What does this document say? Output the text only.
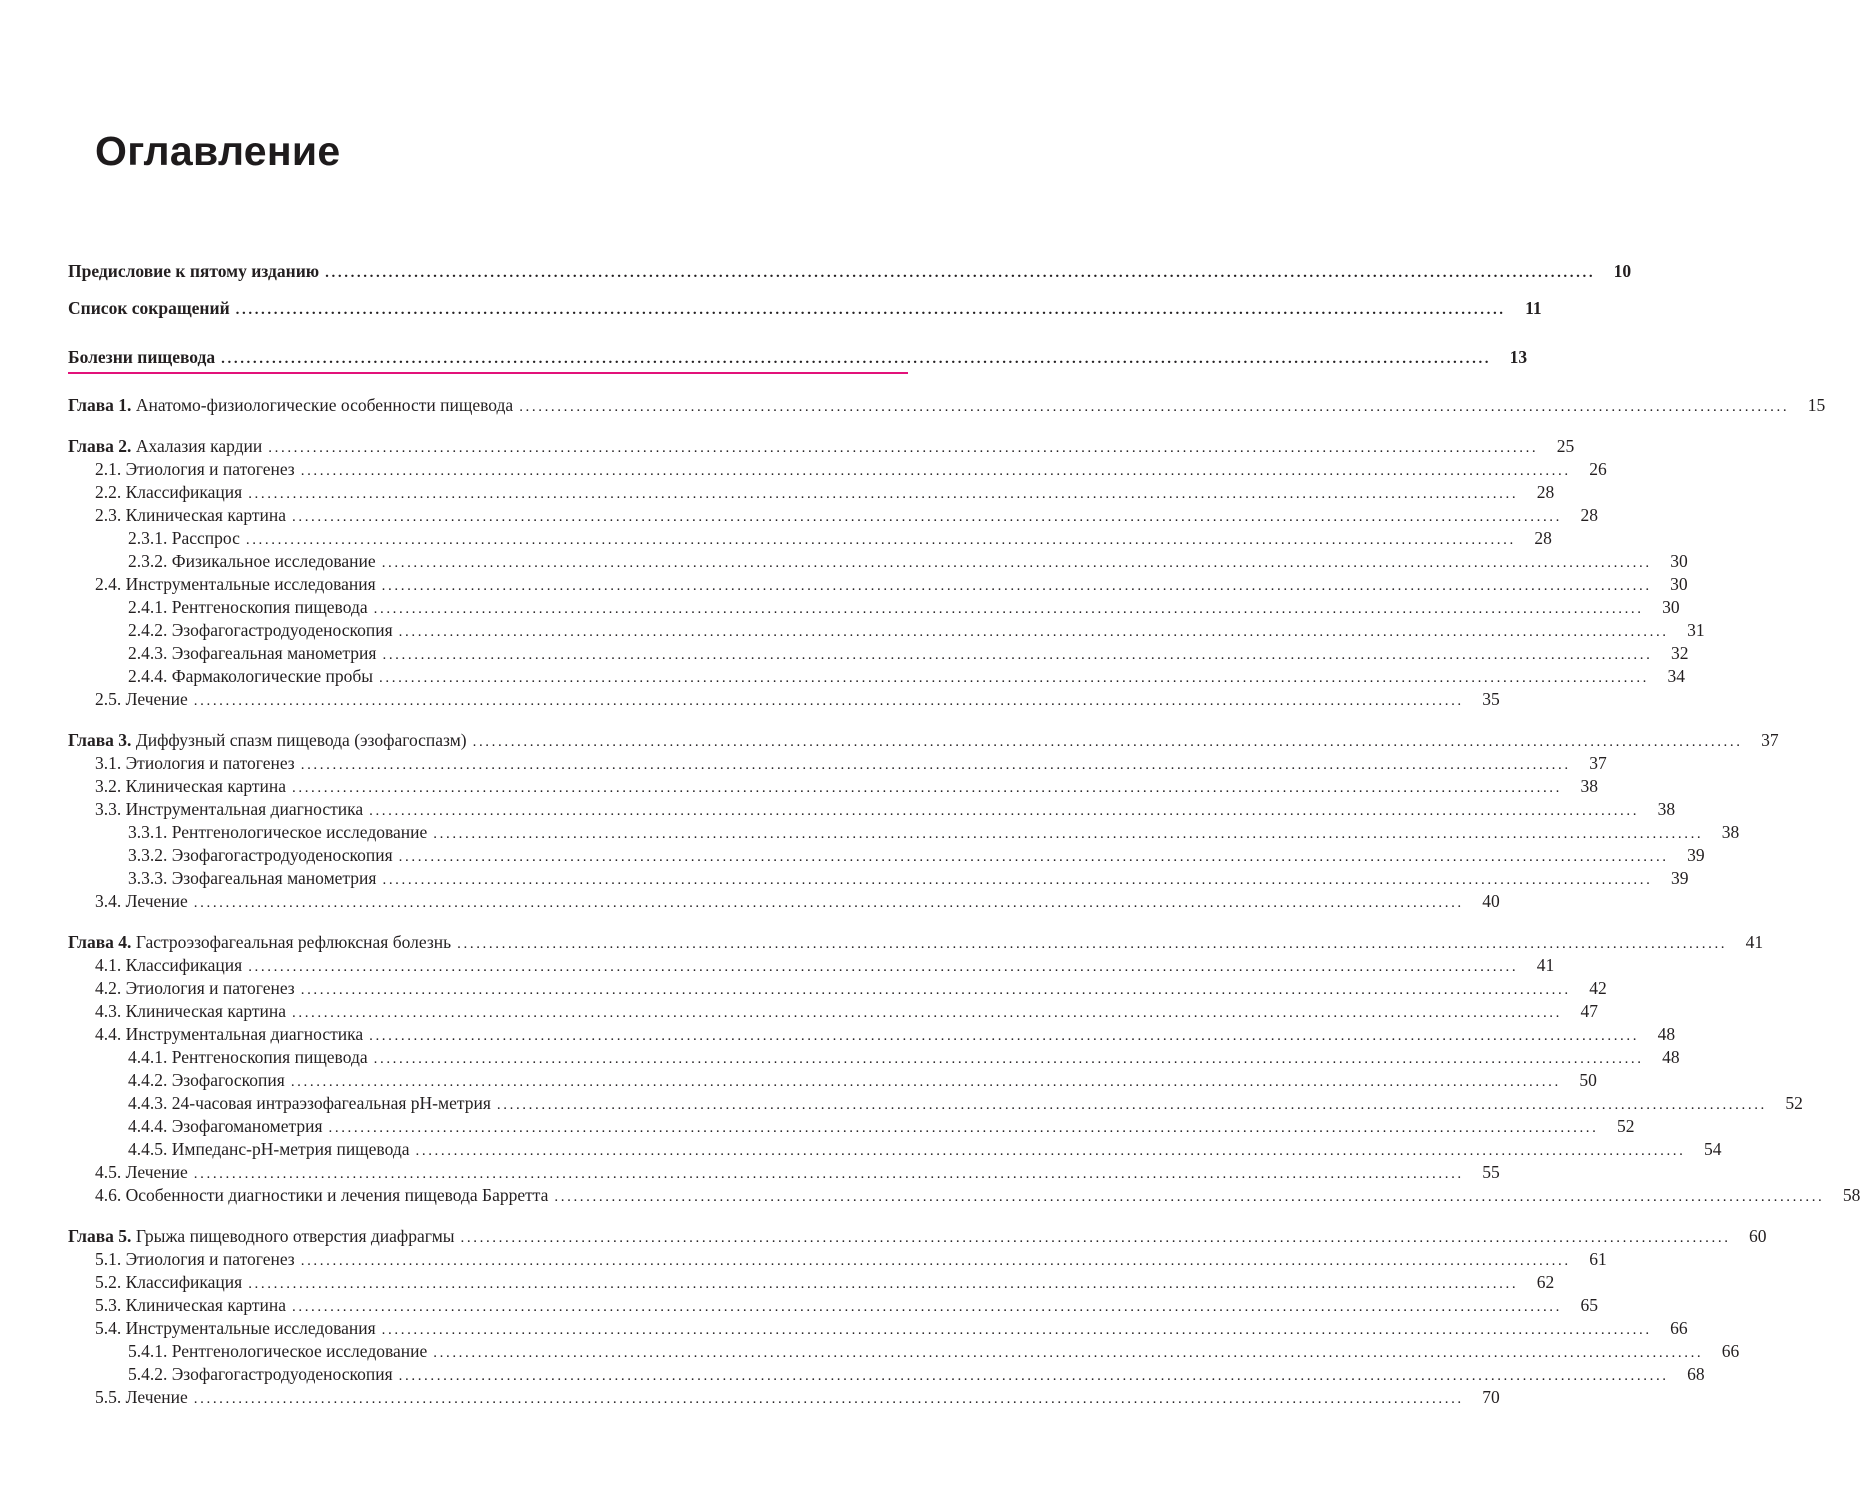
Оглавление
Предисловие к пятому изданию ........................................................................................................................................................................................................	10
Список сокращений ........................................................................................................................................................................................................	11
Болезни пищевода ........................................................................................................................................................................................................	13
Глава 1. Анатомо-физиологические особенности пищевода ........................................................................................................................................................................................................	15
Глава 2. Ахалазия кардии ........................................................................................................................................................................................................	25
2.1. Этиология и патогенез ........................................................................................................................................................................................................	26
2.2. Классификация ........................................................................................................................................................................................................	28
2.3. Клиническая картина ........................................................................................................................................................................................................	28
2.3.1. Расспрос ........................................................................................................................................................................................................	28
2.3.2. Физикальное исследование ........................................................................................................................................................................................................	30
2.4. Инструментальные исследования ........................................................................................................................................................................................................	30
2.4.1. Рентгеноскопия пищевода ........................................................................................................................................................................................................	30
2.4.2. Эзофагогастродуоденоскопия ........................................................................................................................................................................................................	31
2.4.3. Эзофагеальная манометрия ........................................................................................................................................................................................................	32
2.4.4. Фармакологические пробы ........................................................................................................................................................................................................	34
2.5. Лечение ........................................................................................................................................................................................................	35
Глава 3. Диффузный спазм пищевода (эзофагоспазм) ........................................................................................................................................................................................................	37
3.1. Этиология и патогенез ........................................................................................................................................................................................................	37
3.2. Клиническая картина ........................................................................................................................................................................................................	38
3.3. Инструментальная диагностика ........................................................................................................................................................................................................	38
3.3.1. Рентгенологическое исследование ........................................................................................................................................................................................................	38
3.3.2. Эзофагогастродуоденоскопия ........................................................................................................................................................................................................	39
3.3.3. Эзофагеальная манометрия ........................................................................................................................................................................................................	39
3.4. Лечение ........................................................................................................................................................................................................	40
Глава 4. Гастроэзофагеальная рефлюксная болезнь ........................................................................................................................................................................................................	41
4.1. Классификация ........................................................................................................................................................................................................	41
4.2. Этиология и патогенез ........................................................................................................................................................................................................	42
4.3. Клиническая картина ........................................................................................................................................................................................................	47
4.4. Инструментальная диагностика ........................................................................................................................................................................................................	48
4.4.1. Рентгеноскопия пищевода ........................................................................................................................................................................................................	48
4.4.2. Эзофагоскопия ........................................................................................................................................................................................................	50
4.4.3. 24-часовая интраэзофагеальная рН-метрия ........................................................................................................................................................................................................	52
4.4.4. Эзофагоманометрия ........................................................................................................................................................................................................	52
4.4.5. Импеданс-рН-метрия пищевода ........................................................................................................................................................................................................	54
4.5. Лечение ........................................................................................................................................................................................................	55
4.6. Особенности диагностики и лечения пищевода Барретта ........................................................................................................................................................................................................	58
Глава 5. Грыжа пищеводного отверстия диафрагмы ........................................................................................................................................................................................................	60
5.1. Этиология и патогенез ........................................................................................................................................................................................................	61
5.2. Классификация ........................................................................................................................................................................................................	62
5.3. Клиническая картина ........................................................................................................................................................................................................	65
5.4. Инструментальные исследования ........................................................................................................................................................................................................	66
5.4.1. Рентгенологическое исследование ........................................................................................................................................................................................................	66
5.4.2. Эзофагогастродуоденоскопия ........................................................................................................................................................................................................	68
5.5. Лечение ........................................................................................................................................................................................................	70
